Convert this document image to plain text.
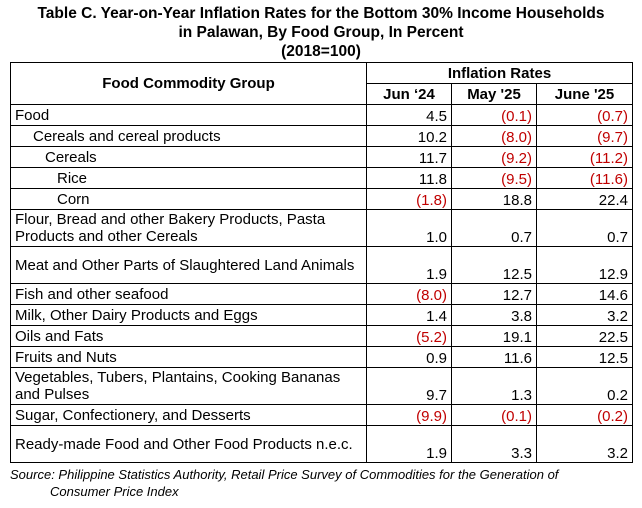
Table C. Year-on-Year Inflation Rates for the Bottom 30% Income Households
in Palawan, By Food Group, In Percent
(2018=100)
Food Commodity Group	Inflation Rates		
	Jun ‘24	May '25	June '25
Food	4.5	(0.1)	(0.7)
Cereals and cereal products	10.2	(8.0)	(9.7)
Cereals	11.7	(9.2)	(11.2)
Rice	11.8	(9.5)	(11.6)
Corn	(1.8)	18.8	22.4
Flour, Bread and other Bakery Products, Pasta Products and other Cereals	1.0	0.7	0.7
Meat and Other Parts of Slaughtered Land Animals	1.9	12.5	12.9
Fish and other seafood	(8.0)	12.7	14.6
Milk, Other Dairy Products and Eggs	1.4	3.8	3.2
Oils and Fats	(5.2)	19.1	22.5
Fruits and Nuts	0.9	11.6	12.5
Vegetables, Tubers, Plantains, Cooking Bananas and Pulses	9.7	1.3	0.2
Sugar, Confectionery, and Desserts	(9.9)	(0.1)	(0.2)
Ready-made Food and Other Food Products n.e.c.	1.9	3.3	3.2
Source: Philippine Statistics Authority, Retail Price Survey of Commodities for the Generation of
Consumer Price Index
